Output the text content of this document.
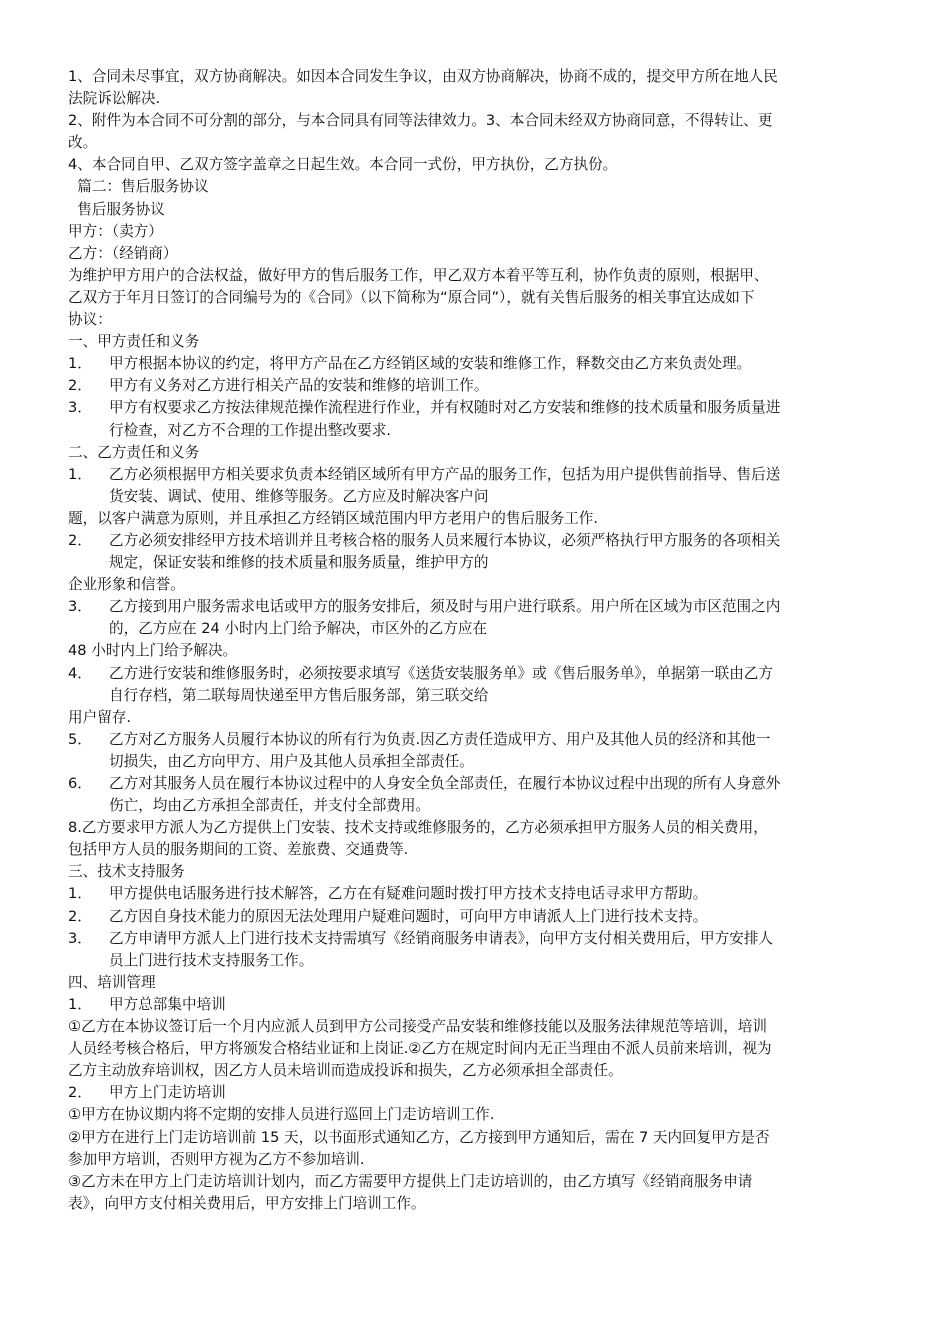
1、合同未尽事宜，双方协商解决。如因本合同发生争议，由双方协商解决，协商不成的，提交甲方所在地人民
法院诉讼解决.
2、附件为本合同不可分割的部分，与本合同具有同等法律效力。3、本合同未经双方协商同意，不得转让、更
改。
4、本合同自甲、乙双方签字盖章之日起生效。本合同一式份，甲方执份，乙方执份。
篇二：售后服务协议
售后服务协议
甲方：（卖方）
乙方：（经销商）
为维护甲方用户的合法权益，做好甲方的售后服务工作，甲乙双方本着平等互利，协作负责的原则，根据甲、
乙双方于年月日签订的合同编号为的《合同》（以下简称为“原合同”），就有关售后服务的相关事宜达成如下
协议：
一、甲方责任和义务
1． 甲方根据本协议的约定，将甲方产品在乙方经销区域的安装和维修工作，释数交由乙方来负责处理。
2． 甲方有义务对乙方进行相关产品的安装和维修的培训工作。
3． 甲方有权要求乙方按法律规范操作流程进行作业，并有权随时对乙方安装和维修的技术质量和服务质量进
行检查，对乙方不合理的工作提出整改要求.
二、乙方责任和义务
1． 乙方必须根据甲方相关要求负责本经销区域所有甲方产品的服务工作，包括为用户提供售前指导、售后送
货安装、调试、使用、维修等服务。乙方应及时解决客户问
题，以客户满意为原则，并且承担乙方经销区域范围内甲方老用户的售后服务工作.
2． 乙方必须安排经甲方技术培训并且考核合格的服务人员来履行本协议，必须严格执行甲方服务的各项相关
规定，保证安装和维修的技术质量和服务质量，维护甲方的
企业形象和信誉。
3． 乙方接到用户服务需求电话或甲方的服务安排后，须及时与用户进行联系。用户所在区域为市区范围之内
的，乙方应在 24 小时内上门给予解决，市区外的乙方应在
48 小时内上门给予解决。
4． 乙方进行安装和维修服务时，必须按要求填写《送货安装服务单》或《售后服务单》，单据第一联由乙方
自行存档，第二联每周快递至甲方售后服务部，第三联交给
用户留存.
5． 乙方对乙方服务人员履行本协议的所有行为负责.因乙方责任造成甲方、用户及其他人员的经济和其他一
切损失，由乙方向甲方、用户及其他人员承担全部责任。
6． 乙方对其服务人员在履行本协议过程中的人身安全负全部责任，在履行本协议过程中出现的所有人身意外
伤亡，均由乙方承担全部责任，并支付全部费用。
8.乙方要求甲方派人为乙方提供上门安装、技术支持或维修服务的，乙方必须承担甲方服务人员的相关费用，
包括甲方人员的服务期间的工资、差旅费、交通费等.
三、技术支持服务
1． 甲方提供电话服务进行技术解答，乙方在有疑难问题时拨打甲方技术支持电话寻求甲方帮助。
2． 乙方因自身技术能力的原因无法处理用户疑难问题时，可向甲方申请派人上门进行技术支持。
3． 乙方申请甲方派人上门进行技术支持需填写《经销商服务申请表》，向甲方支付相关费用后，甲方安排人
员上门进行技术支持服务工作。
四、培训管理
1． 甲方总部集中培训
①乙方在本协议签订后一个月内应派人员到甲方公司接受产品安装和维修技能以及服务法律规范等培训，培训
人员经考核合格后，甲方将颁发合格结业证和上岗证.②乙方在规定时间内无正当理由不派人员前来培训，视为
乙方主动放弃培训权，因乙方人员未培训而造成投诉和损失，乙方必须承担全部责任。
2． 甲方上门走访培训
①甲方在协议期内将不定期的安排人员进行巡回上门走访培训工作.
②甲方在进行上门走访培训前 15 天，以书面形式通知乙方，乙方接到甲方通知后，需在 7 天内回复甲方是否
参加甲方培训，否则甲方视为乙方不参加培训.
③乙方未在甲方上门走访培训计划内，而乙方需要甲方提供上门走访培训的，由乙方填写《经销商服务申请
表》，向甲方支付相关费用后，甲方安排上门培训工作。
